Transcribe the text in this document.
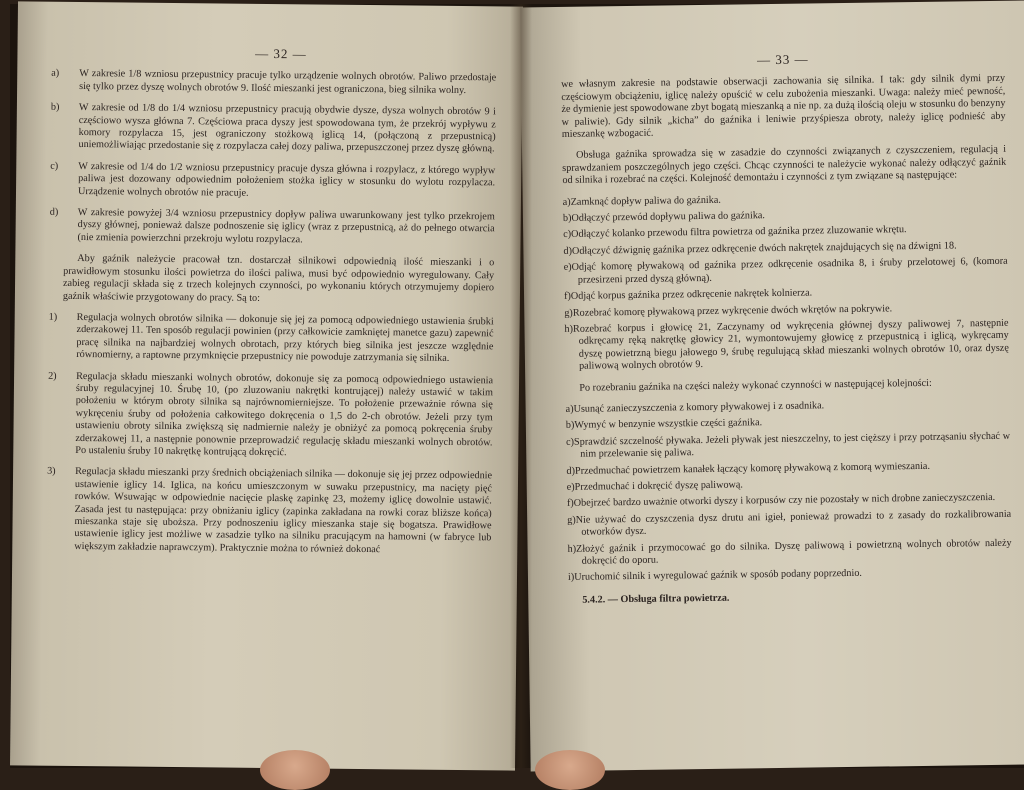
— 32 —
a) W zakresie 1/8 wzniosu przepustnicy pracuje tylko urządzenie wolnych obrotów. Paliwo przedostaje się tylko przez dyszę wolnych obrotów 9. Ilość mieszanki jest ograniczona, bieg silnika wolny.
b) W zakresie od 1/8 do 1/4 wzniosu przepustnicy pracują obydwie dysze, dysza wolnych obrotów 9 i częściowo wysza główna 7. Częściowa praca dyszy jest spowodowana tym, że przekrój wypływu z komory rozpylacza 15, jest ograniczony stożkową iglicą 14, (połączoną z przepustnicą) uniemożliwiając przedostanie się z rozpylacza całej dozy paliwa, przepuszczonej przez dyszę główną.
c) W zakresie od 1/4 do 1/2 wzniosu przepustnicy pracuje dysza główna i rozpylacz, z którego wypływ paliwa jest dozowany odpowiednim położeniem stożka iglicy w stosunku do wylotu rozpylacza. Urządzenie wolnych obrotów nie pracuje.
d) W zakresie powyżej 3/4 wzniosu przepustnicy dopływ paliwa uwarunkowany jest tylko przekrojem dyszy głównej, ponieważ dalsze podnoszenie się iglicy (wraz z przepustnicą, aż do pełnego otwarcia (nie zmienia powierzchni przekroju wylotu rozpylacza.
Aby gaźnik należycie pracował tzn. dostarczał silnikowi odpowiednią ilość mieszanki i o prawidłowym stosunku ilości powietrza do ilości paliwa, musi być odpowiednio wyregulowany. Cały zabieg regulacji składa się z trzech kolejnych czynności, po wykonaniu których otrzymujemy dopiero gaźnik właściwie przygotowany do pracy. Są to:
1) Regulacja wolnych obrotów silnika — dokonuje się jej za pomocą odpowiedniego ustawienia śrubki zderzakowej 11. Ten sposób regulacji powinien (przy całkowicie zamkniętej manetce gazu) zapewnić pracę silnika na najbardziej wolnych obrotach, przy których bieg silnika jest jeszcze względnie równomierny, a raptowne przymknięcie przepustnicy nie powoduje zatrzymania się silnika.
2) Regulacja składu mieszanki wolnych obrotów, dokonuje się za pomocą odpowiedniego ustawienia śruby regulacyjnej 10. Śrubę 10, (po zluzowaniu nakrętki kontrującej) należy ustawić w takim położeniu w którym obroty silnika są najrównomierniejsze. To położenie przeważnie równa się wykręceniu śruby od położenia całkowitego dokręcenia o 1,5 do 2-ch obrotów. Jeżeli przy tym ustawieniu obroty silnika zwiększą się nadmiernie należy je obniżyć za pomocą pokręcenia śruby zderzakowej 11, a następnie ponownie przeprowadzić regulację składu mieszanki wolnych obrotów. Po ustaleniu śruby 10 nakrętkę kontrującą dokręcić.
3) Regulacja składu mieszanki przy średnich obciążeniach silnika — dokonuje się jej przez odpowiednie ustawienie iglicy 14. Iglica, na końcu umieszczonym w suwaku przepustnicy, ma nacięty pięć rowków. Wsuwając w odpowiednie nacięcie plaskę zapinkę 23, możemy iglicę dowolnie ustawić. Zasada jest tu następująca: przy obniżaniu iglicy (zapinka zakładana na rowki coraz bliższe końca) mieszanka staje się uboższa. Przy podnoszeniu iglicy mieszanka staje się bogatsza. Prawidłowe ustawienie iglicy jest możliwe w zasadzie tylko na silniku pracującym na hamowni (w fabryce lub większym zakładzie naprawczym). Praktycznie można to również dokonać
— 33 —
we własnym zakresie na podstawie obserwacji zachowania się silnika. I tak: gdy silnik dymi przy częściowym obciążeniu, iglicę należy opuścić w celu zubożenia mieszanki. Uwaga: należy mieć pewność, że dymienie jest spowodowane zbyt bogatą mieszanką a nie np. za dużą ilością oleju w stosunku do benzyny w paliwie). Gdy silnik „kicha” do gaźnika i leniwie przyśpiesza obroty, należy iglicę podnieść aby mieszankę wzbogacić.
Obsługa gaźnika sprowadza się w zasadzie do czynności związanych z czyszczeniem, regulacją i sprawdzaniem poszczególnych jego części. Chcąc czynności te należycie wykonać należy odłączyć gaźnik od silnika i rozebrać na części. Kolejność demontażu i czynności z tym związane są następujące:
a)Zamknąć dopływ paliwa do gaźnika.
b)Odłączyć przewód dopływu paliwa do gaźnika.
c)Odłączyć kolanko przewodu filtra powietrza od gaźnika przez zluzowanie wkrętu.
d)Odłączyć dźwignię gaźnika przez odkręcenie dwóch nakrętek znajdujących się na dźwigni 18.
e)Odjąć komorę pływakową od gaźnika przez odkręcenie osadnika 8, i śruby przelotowej 6, (komora przesirzeni przed dyszą główną).
f)Odjąć korpus gaźnika przez odkręcenie nakrętek kolnierza.
g)Rozebrać komorę pływakową przez wykręcenie dwóch wkrętów na pokrywie.
h)Rozebrać korpus i głowicę 21, Zaczynamy od wykręcenia głównej dyszy paliwowej 7, następnie odkręcamy ręką nakrętkę głowicy 21, wymontowujemy głowicę z przepustnicą i iglicą, wykręcamy dyszę powietrzną biegu jałowego 9, śrubę regulującą skład mieszanki wolnych obrotów 10, oraz dyszę paliwową wolnych obrotów 9.
Po rozebraniu gaźnika na części należy wykonać czynności w następującej kolejności:
a)Usunąć zanieczyszczenia z komory pływakowej i z osadnika.
b)Wymyć w benzynie wszystkie części gaźnika.
c)Sprawdzić szczelność pływaka. Jeżeli pływak jest nieszczelny, to jest cięższy i przy potrząsaniu słychać w nim przelewanie się paliwa.
d)Przedmuchać powietrzem kanałek łączący komorę pływakową z komorą wymieszania.
e)Przedmuchać i dokręcić dyszę paliwową.
f)Obejrzeć bardzo uważnie otworki dyszy i korpusów czy nie pozostały w nich drobne zanieczyszczenia.
g)Nie używać do czyszczenia dysz drutu ani igieł, ponieważ prowadzi to z zasady do rozkalibrowania otworków dysz.
h)Złożyć gaźnik i przymocować go do silnika. Dyszę paliwową i powietrzną wolnych obrotów należy dokręcić do oporu.
i)Uruchomić silnik i wyregulować gaźnik w sposób podany poprzednio.
5.4.2. — Obsługa filtra powietrza.
